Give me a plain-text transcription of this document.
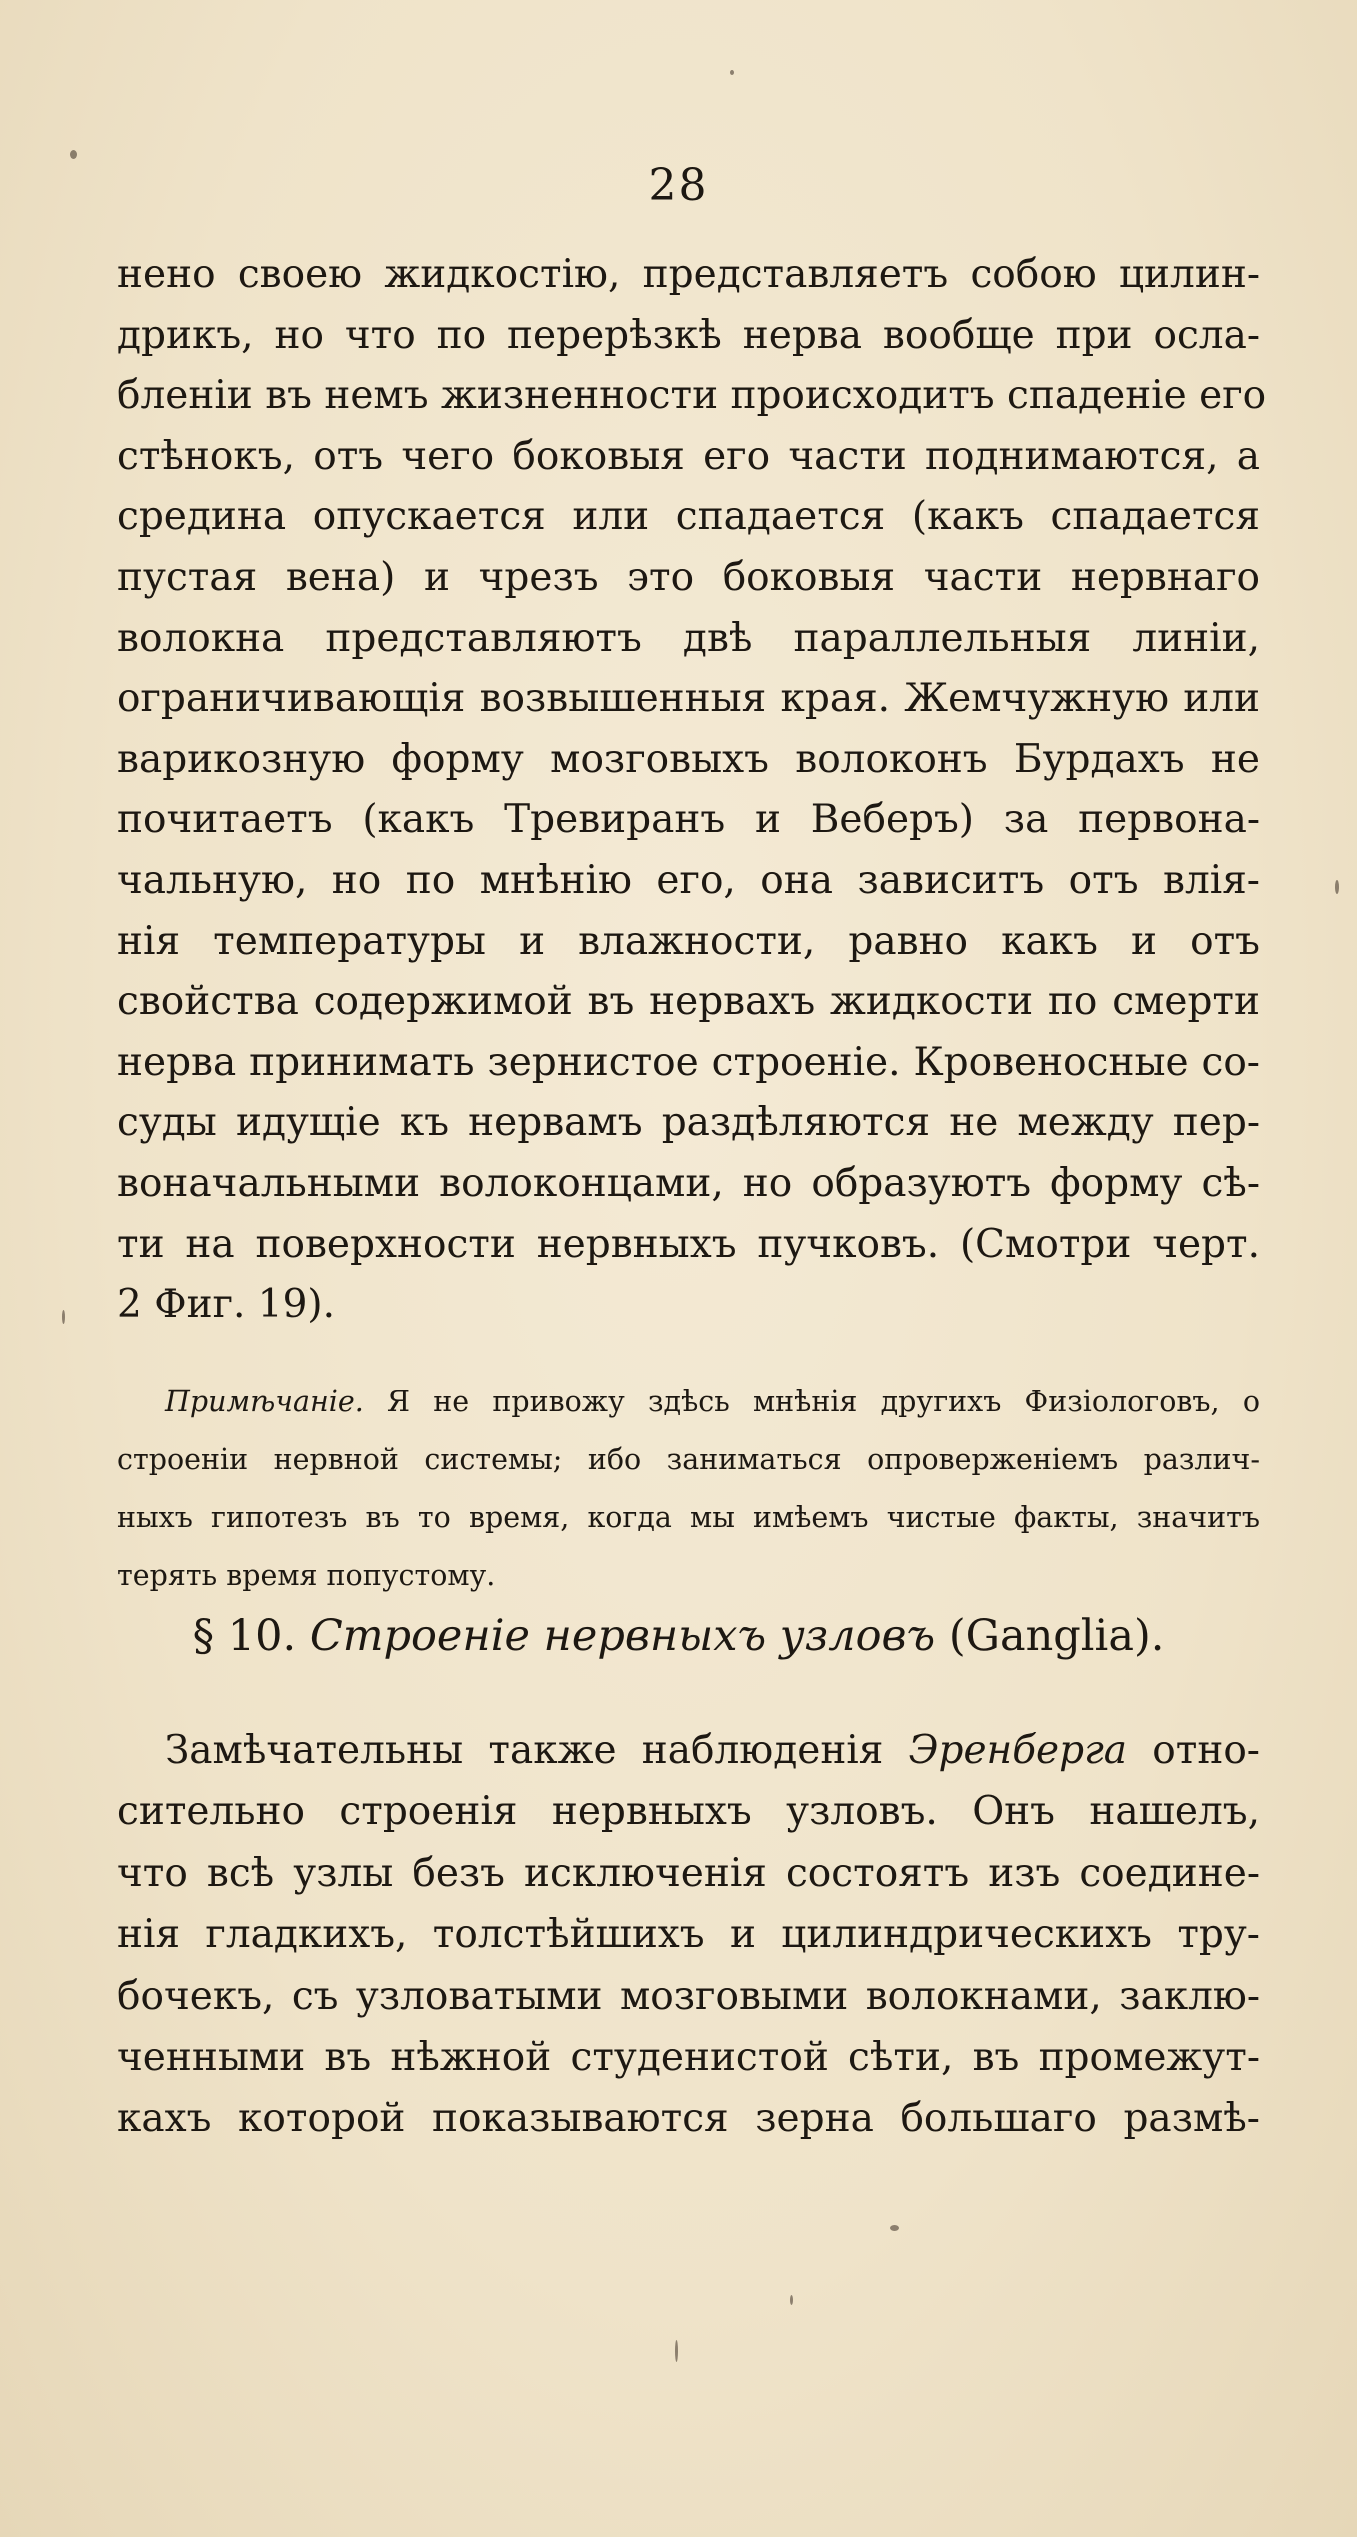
28
нено своею жидкостію, представляетъ собою цилин-
дрикъ, но что по перерѣзкѣ нерва вообще при осла-
бленіи въ немъ жизненности происходитъ спаденіе его
стѣнокъ, отъ чего боковыя его части поднимаются, а
средина опускается или спадается (какъ спадается
пустая вена) и чрезъ это боковыя части нервнаго
волокна представляютъ двѣ параллельныя линіи,
ограничивающія возвышенныя края. Жемчужную или
варикозную форму мозговыхъ волоконъ Бурдахъ не
почитаетъ (какъ Тревиранъ и Веберъ) за первона-
чальную, но по мнѣнію его, она зависитъ отъ влія-
нія температуры и влажности, равно какъ и отъ
свойства содержимой въ нервахъ жидкости по смерти
нерва принимать зернистое строеніе. Кровеносные со-
суды идущіе къ нервамъ раздѣляются не между пер-
воначальными волоконцами, но образуютъ форму сѣ-
ти на поверхности нервныхъ пучковъ. (Смотри черт.
2 Фиг. 19).
Примѣчаніе. Я не привожу здѣсь мнѣнія другихъ Физіологовъ, о
строеніи нервной системы; ибо заниматься опроверженіемъ различ-
ныхъ гипотезъ въ то время, когда мы имѣемъ чистые факты, значитъ
терять время попустому.
§ 10. Строеніе нервныхъ узловъ (Ganglia).
Замѣчательны также наблюденія Эренберга отно-
сительно строенія нервныхъ узловъ. Онъ нашелъ,
что всѣ узлы безъ исключенія состоятъ изъ соедине-
нія гладкихъ, толстѣйшихъ и цилиндрическихъ тру-
бочекъ, съ узловатыми мозговыми волокнами, заклю-
ченными въ нѣжной студенистой сѣти, въ промежут-
кахъ которой показываются зерна большаго размѣ-
